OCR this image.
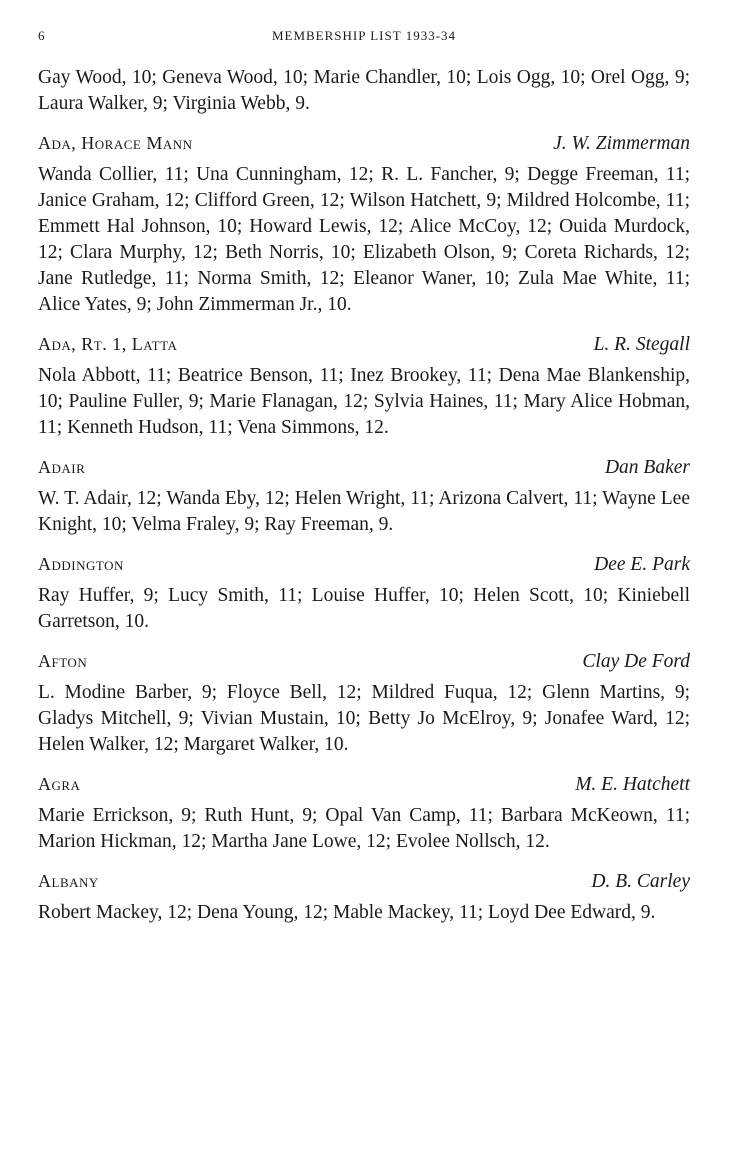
6	MEMBERSHIP LIST 1933-34

Gay Wood, 10; Geneva Wood, 10; Marie Chandler, 10; Lois Ogg, 10; Orel Ogg, 9; Laura Walker, 9; Virginia Webb, 9.

Ada, Horace Mann	J. W. Zimmerman

Wanda Collier, 11; Una Cunningham, 12; R. L. Fancher, 9; Degge Freeman, 11; Janice Graham, 12; Clifford Green, 12; Wilson Hatchett, 9; Mildred Holcombe, 11; Emmett Hal Johnson, 10; Howard Lewis, 12; Alice McCoy, 12; Ouida Murdock, 12; Clara Murphy, 12; Beth Norris, 10; Elizabeth Olson, 9; Coreta Richards, 12; Jane Rutledge, 11; Norma Smith, 12; Eleanor Waner, 10; Zula Mae White, 11; Alice Yates, 9; John Zimmerman Jr., 10.

Ada, Rt. 1, Latta	L. R. Stegall

Nola Abbott, 11; Beatrice Benson, 11; Inez Brookey, 11; Dena Mae Blankenship, 10; Pauline Fuller, 9; Marie Flanagan, 12; Sylvia Haines, 11; Mary Alice Hobman, 11; Kenneth Hudson, 11; Vena Simmons, 12.

Adair	Dan Baker

W. T. Adair, 12; Wanda Eby, 12; Helen Wright, 11; Arizona Calvert, 11; Wayne Lee Knight, 10; Velma Fraley, 9; Ray Freeman, 9.

Addington	Dee E. Park

Ray Huffer, 9; Lucy Smith, 11; Louise Huffer, 10; Helen Scott, 10; Kiniebell Garretson, 10.

Afton	Clay De Ford

L. Modine Barber, 9; Floyce Bell, 12; Mildred Fuqua, 12; Glenn Martins, 9; Gladys Mitchell, 9; Vivian Mustain, 10; Betty Jo McElroy, 9; Jonafee Ward, 12; Helen Walker, 12; Margaret Walker, 10.

Agra	M. E. Hatchett

Marie Errickson, 9; Ruth Hunt, 9; Opal Van Camp, 11; Barbara McKeown, 11; Marion Hickman, 12; Martha Jane Lowe, 12; Evolee Nollsch, 12.

Albany	D. B. Carley

Robert Mackey, 12; Dena Young, 12; Mable Mackey, 11; Loyd Dee Edward, 9.
